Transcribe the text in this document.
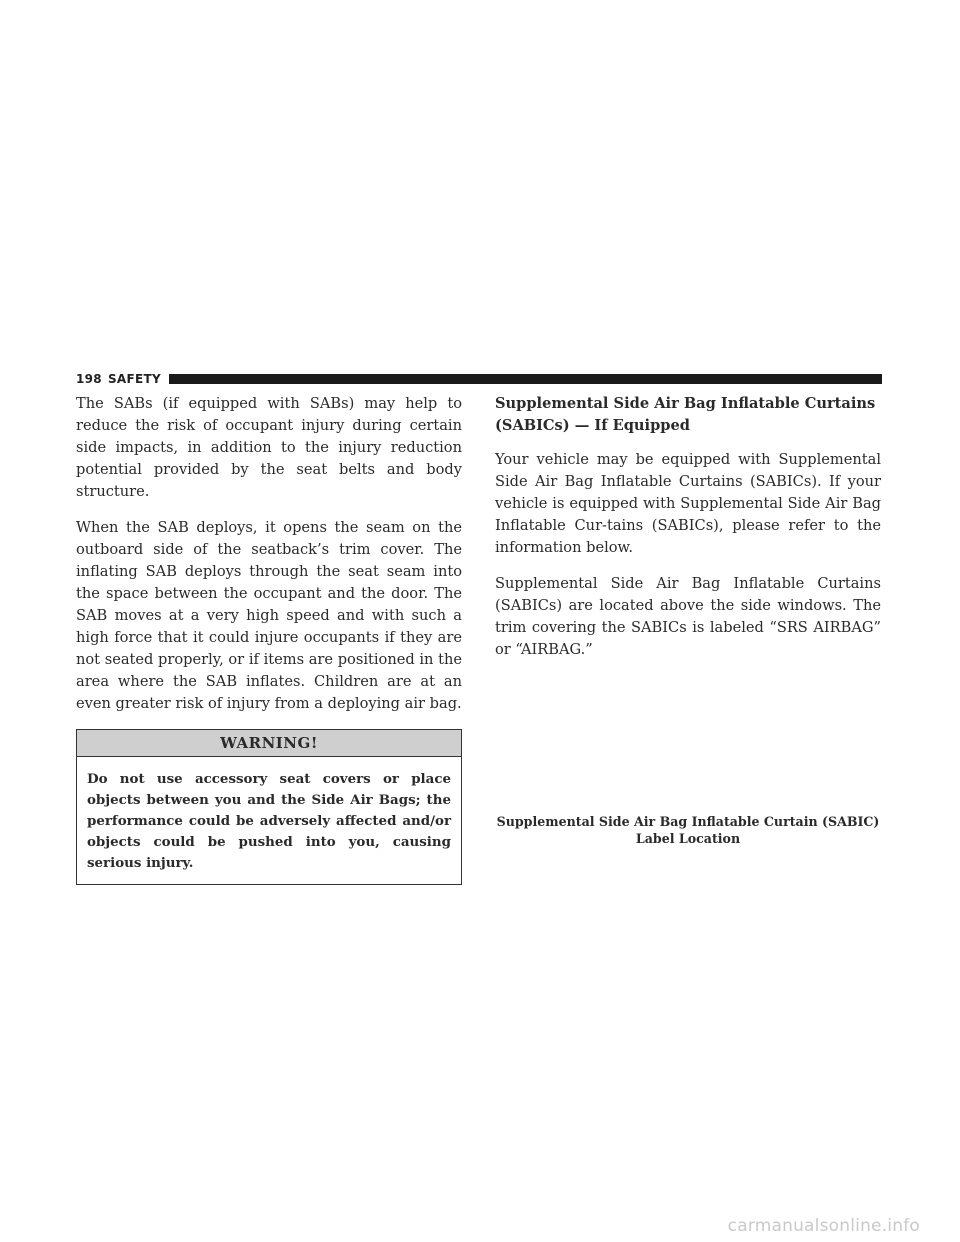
198 SAFETY

The SABs (if equipped with SABs) may help to reduce the risk of occupant injury during certain side impacts, in addition to the injury reduction potential provided by the seat belts and body structure.

When the SAB deploys, it opens the seam on the outboard side of the seatback’s trim cover. The inflating SAB deploys through the seat seam into the space between the occupant and the door. The SAB moves at a very high speed and with such a high force that it could injure occupants if they are not seated properly, or if items are positioned in the area where the SAB inflates. Children are at an even greater risk of injury from a deploying air bag.

WARNING!
Do not use accessory seat covers or place objects between you and the Side Air Bags; the performance could be adversely affected and/or objects could be pushed into you, causing serious injury.
Supplemental Side Air Bag Inflatable Curtains (SABICs) — If Equipped

Your vehicle may be equipped with Supplemental Side Air Bag Inflatable Curtains (SABICs). If your vehicle is equipped with Supplemental Side Air Bag Inflatable Cur-tains (SABICs), please refer to the information below.

Supplemental Side Air Bag Inflatable Curtains (SABICs) are located above the side windows. The trim covering the SABICs is labeled “SRS AIRBAG” or “AIRBAG.”

Supplemental Side Air Bag Inflatable Curtain (SABIC)
Label Location
carmanualsonline.info
